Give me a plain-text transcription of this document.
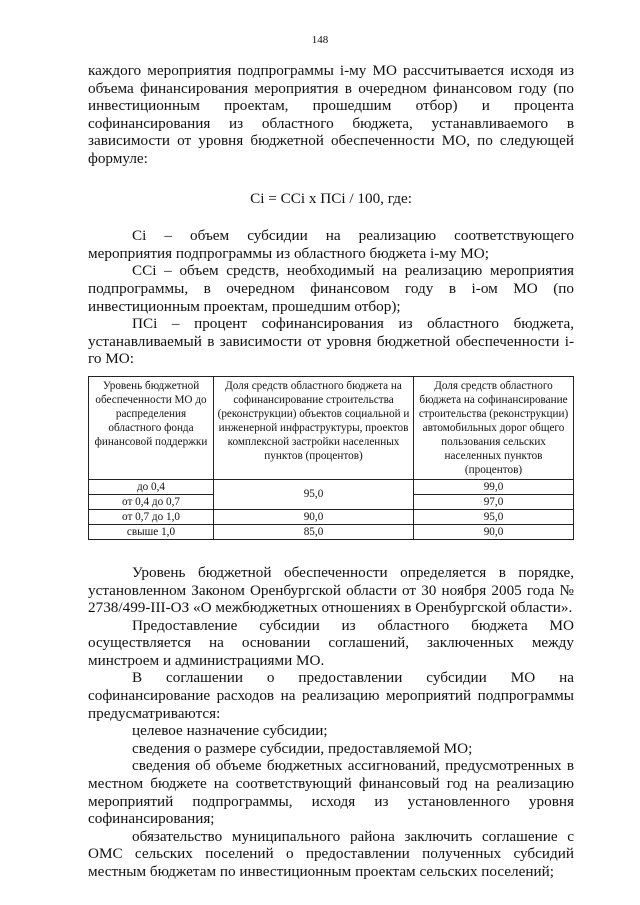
148

каждого мероприятия подпрограммы i-му МО рассчитывается исходя из объема финансирования мероприятия в очередном финансовом году (по инвестиционным проектам, прошедшим отбор) и процента софинансирования из областного бюджета, устанавливаемого в зависимости от уровня бюджетной обеспеченности МО, по следующей формуле:

Ci = CCi x ПCi / 100, где:

Ci – объем субсидии на реализацию соответствующего мероприятия подпрограммы из областного бюджета i-му МО;

CCi – объем средств, необходимый на реализацию мероприятия подпрограммы, в очередном финансовом году в i-ом МО (по инвестиционным проектам, прошедшим отбор);

ПCi – процент софинансирования из областного бюджета, устанавливаемый в зависимости от уровня бюджетной обеспеченности i-го МО:

Уровень бюджетной обеспеченности МО до распределения областного фонда финансовой поддержки	Доля средств областного бюджета на софинансирование строительства (реконструкции) объектов социальной и инженерной инфраструктуры, проектов комплексной застройки населенных пунктов (процентов)	Доля средств областного бюджета на софинансирование строительства (реконструкции) автомобильных дорог общего пользования сельских населенных пунктов (процентов)
до 0,4	95,0	99,0
от 0,4 до 0,7		97,0
от 0,7 до 1,0	90,0	95,0
свыше 1,0	85,0	90,0

Уровень бюджетной обеспеченности определяется в порядке, установленном Законом Оренбургской области от 30 ноября 2005 года № 2738/499-III-ОЗ «О межбюджетных отношениях в Оренбургской области».

Предоставление субсидии из областного бюджета МО осуществляется на основании соглашений, заключенных между минстроем и администрациями МО.

В соглашении о предоставлении субсидии МО на софинансирование расходов на реализацию мероприятий подпрограммы предусматриваются:

целевое назначение субсидии;

сведения о размере субсидии, предоставляемой МО;

сведения об объеме бюджетных ассигнований, предусмотренных в местном бюджете на соответствующий финансовый год на реализацию мероприятий подпрограммы, исходя из установленного уровня софинансирования;

обязательство муниципального района заключить соглашение с ОМС сельских поселений о предоставлении полученных субсидий местным бюджетам по инвестиционным проектам сельских поселений;
